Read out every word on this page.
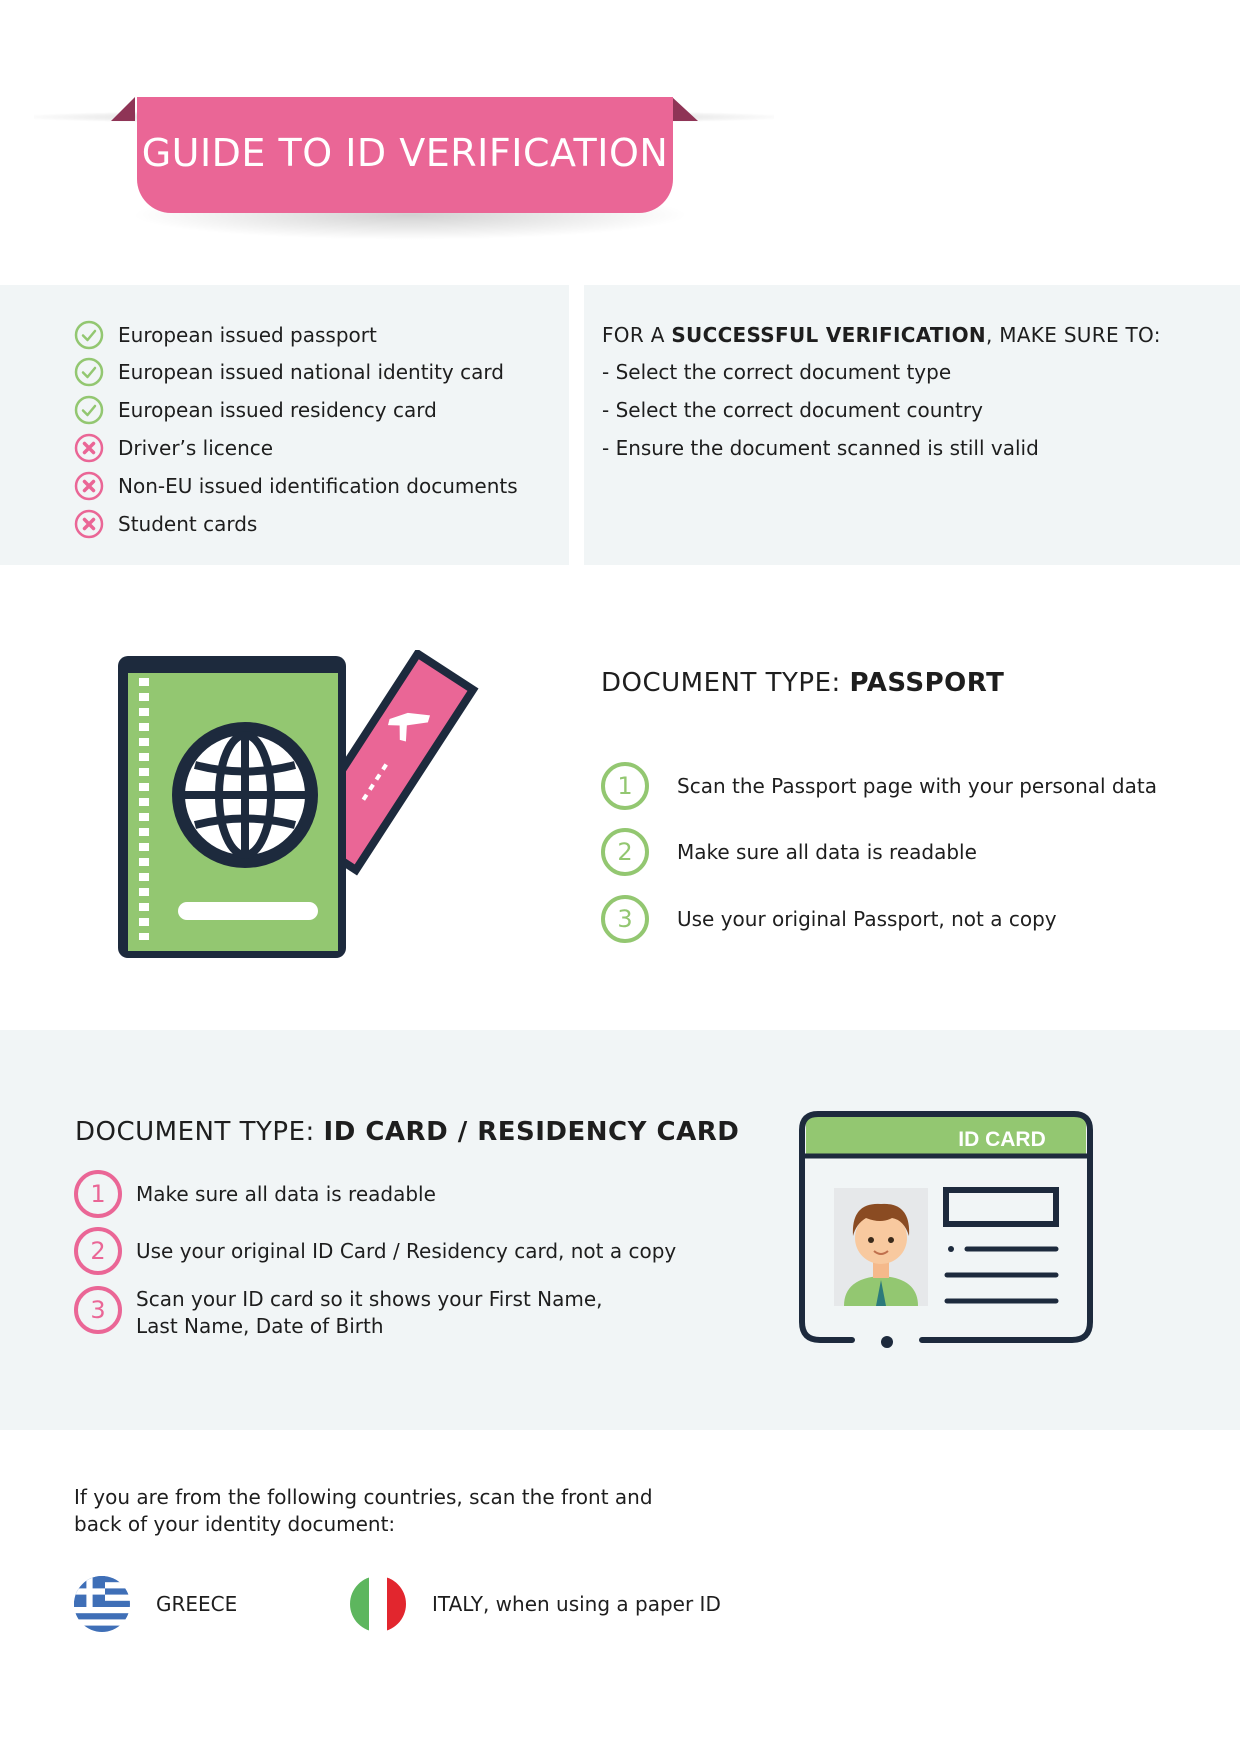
GUIDE TO ID VERIFICATION
European issued passport
European issued national identity card
European issued residency card
Driver’s licence
Non-EU issued identification documents
Student cards
FOR A SUCCESSFUL VERIFICATION, MAKE SURE TO:
- Select the correct document type
- Select the correct document country
- Ensure the document scanned is still valid
DOCUMENT TYPE: PASSPORT
1	Scan the Passport page with your personal data
2	Make sure all data is readable
3	Use your original Passport, not a copy
DOCUMENT TYPE: ID CARD / RESIDENCY CARD
1	Make sure all data is readable
2	Use your original ID Card / Residency card, not a copy
3	Scan your ID card so it shows your First Name,
Last Name, Date of Birth
ID CARD
If you are from the following countries, scan the front and back of your identity document:
GREECE	ITALY, when using a paper ID
